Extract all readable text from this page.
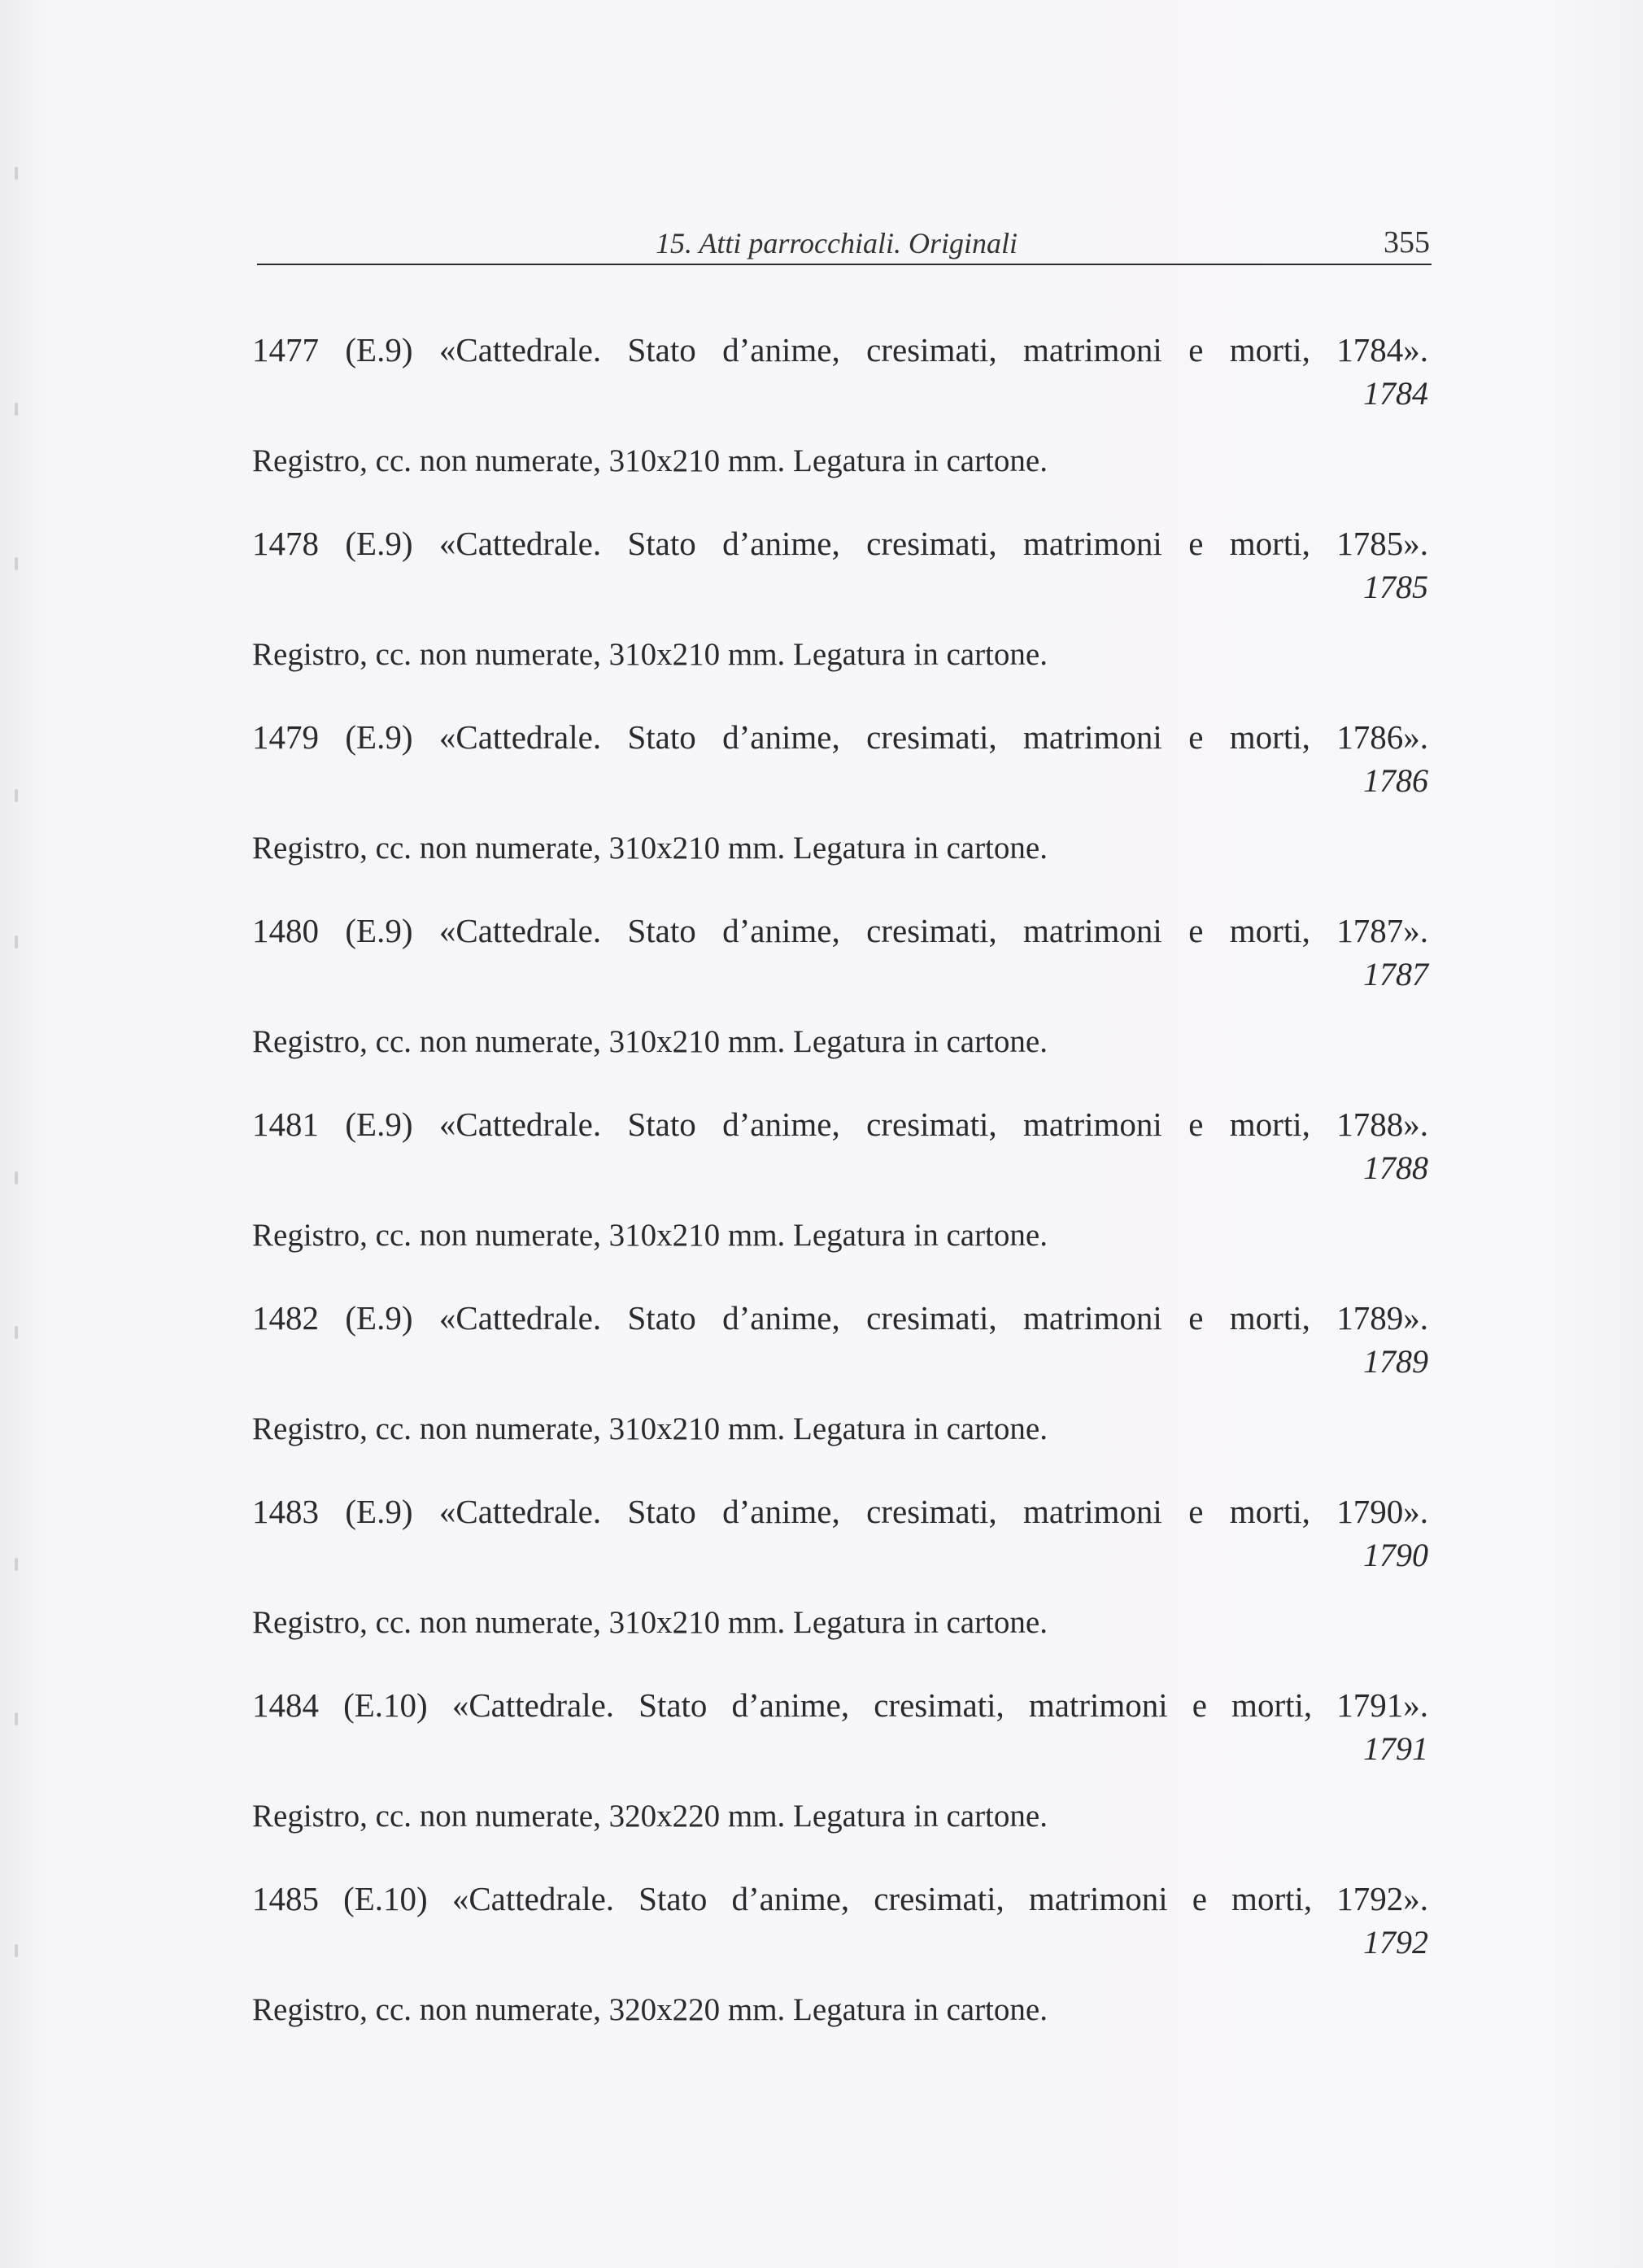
15. Atti parrocchiali. Originali	355
1477 (E.9) «Cattedrale. Stato d’anime, cresimati, matrimoni e morti, 1784».
1784
Registro, cc. non numerate, 310x210 mm. Legatura in cartone.
1478 (E.9) «Cattedrale. Stato d’anime, cresimati, matrimoni e morti, 1785».
1785
Registro, cc. non numerate, 310x210 mm. Legatura in cartone.
1479 (E.9) «Cattedrale. Stato d’anime, cresimati, matrimoni e morti, 1786».
1786
Registro, cc. non numerate, 310x210 mm. Legatura in cartone.
1480 (E.9) «Cattedrale. Stato d’anime, cresimati, matrimoni e morti, 1787».
1787
Registro, cc. non numerate, 310x210 mm. Legatura in cartone.
1481 (E.9) «Cattedrale. Stato d’anime, cresimati, matrimoni e morti, 1788».
1788
Registro, cc. non numerate, 310x210 mm. Legatura in cartone.
1482 (E.9) «Cattedrale. Stato d’anime, cresimati, matrimoni e morti, 1789».
1789
Registro, cc. non numerate, 310x210 mm. Legatura in cartone.
1483 (E.9) «Cattedrale. Stato d’anime, cresimati, matrimoni e morti, 1790».
1790
Registro, cc. non numerate, 310x210 mm. Legatura in cartone.
1484 (E.10) «Cattedrale. Stato d’anime, cresimati, matrimoni e morti, 1791».
1791
Registro, cc. non numerate, 320x220 mm. Legatura in cartone.
1485 (E.10) «Cattedrale. Stato d’anime, cresimati, matrimoni e morti, 1792».
1792
Registro, cc. non numerate, 320x220 mm. Legatura in cartone.
